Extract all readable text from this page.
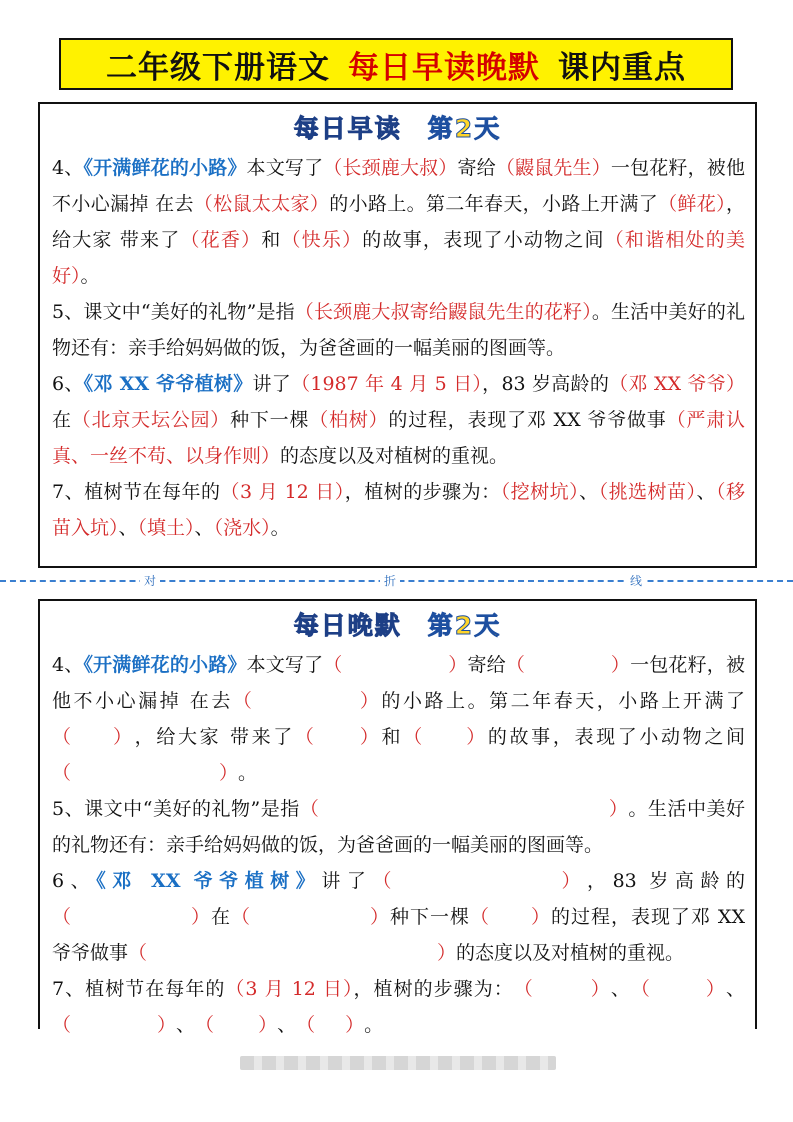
二年级下册语文 每日早读晚默 课内重点
每日早读 第2天
4、《开满鲜花的小路》本文写了（长颈鹿大叔）寄给（鼹鼠先生）一包花籽，被他不小心漏掉 在去（松鼠太太家）的小路上。第二年春天，小路上开满了（鲜花），给大家 带来了（花香）和（快乐）的故事，表现了小动物之间（和谐相处的美好）。
5、课文中“美好的礼物”是指（长颈鹿大叔寄给鼹鼠先生的花籽）。生活中美好的礼物还有：亲手给妈妈做的饭，为爸爸画的一幅美丽的图画等。
6、《邓 XX 爷爷植树》讲了（1987 年 4 月 5 日），83 岁高龄的（邓 XX 爷爷）在（北京天坛公园）种下一棵（柏树）的过程，表现了邓 XX 爷爷做事（严肃认真、一丝不苟、以身作则）的态度以及对植树的重视。
7、植树节在每年的（3 月 12 日），植树的步骤为：（挖树坑）、（挑选树苗）、（移苗入坑）、（填土）、（浇水）。
对	折	线
每日晚默 第2天
4、《开满鲜花的小路》本文写了（	）寄给（	）一包花籽，被他不小心漏掉 在去（	）的小路上。第二年春天，小路上开满了（ ），给大家 带来了（ ）和（ ）的故事，表现了小动物之间（	）。
5、课文中“美好的礼物”是指（	）。生活中美好的礼物还有：亲手给妈妈做的饭，为爸爸画的一幅美丽的图画等。
6、《邓 XX 爷爷植树》讲了（	），83 岁高龄的（	）在（	）种下一棵（ ）的过程，表现了邓 XX 爷爷做事（	）的态度以及对植树的重视。
7、植树节在每年的（3 月 12 日），植树的步骤为：（	）、（	）、（	）、（ ）、（ ）。
